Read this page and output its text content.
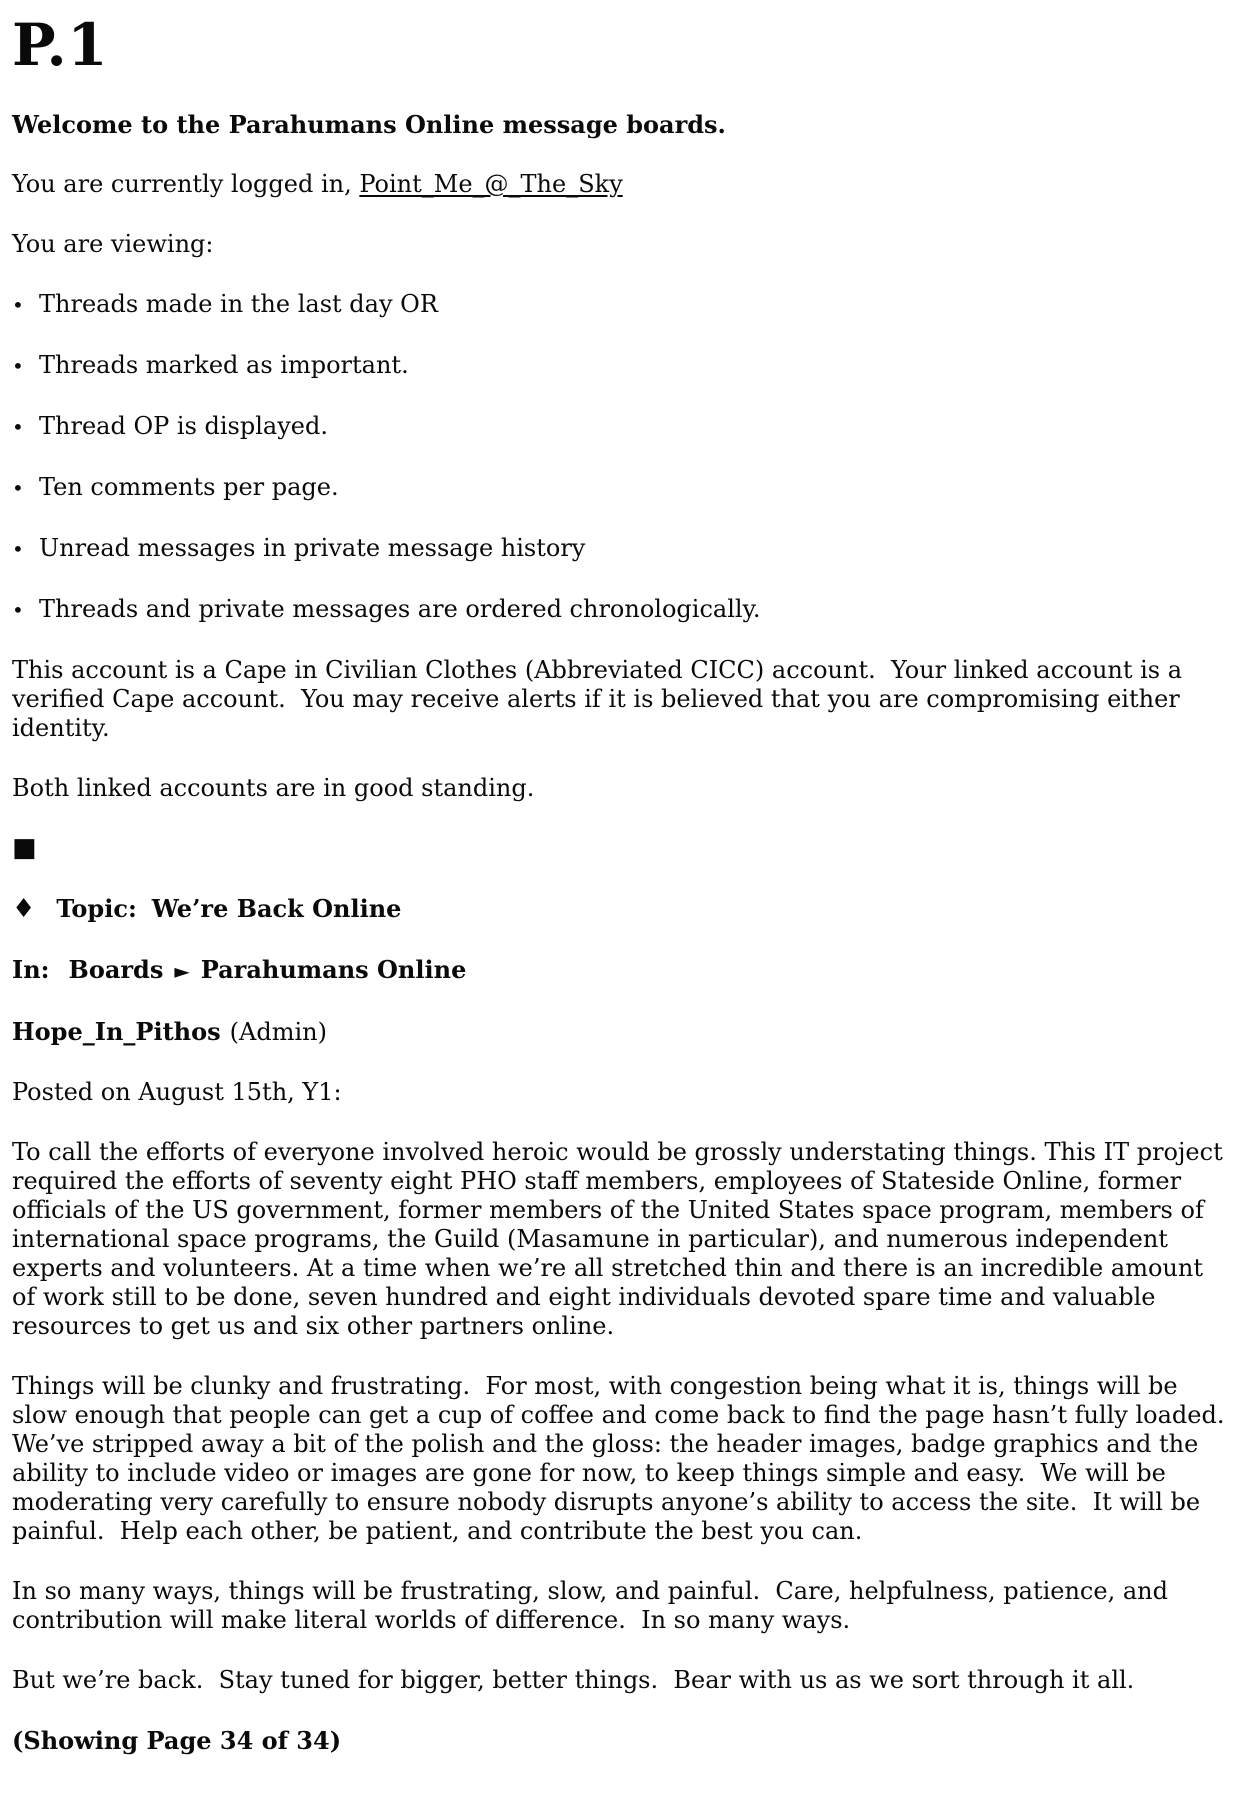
P.1

Welcome to the Parahumans Online message boards.

You are currently logged in, Point_Me_@_The_Sky

You are viewing:

• Threads made in the last day OR
• Threads marked as important.
• Thread OP is displayed.
• Ten comments per page.
• Unread messages in private message history
• Threads and private messages are ordered chronologically.

This account is a Cape in Civilian Clothes (Abbreviated CICC) account.  Your linked account is a verified Cape account.  You may receive alerts if it is believed that you are compromising either identity.

Both linked accounts are in good standing.

■

♦ Topic: We’re Back Online
In: Boards ► Parahumans Online

Hope_In_Pithos (Admin)

Posted on August 15th, Y1:

To call the efforts of everyone involved heroic would be grossly understating things. This IT project required the efforts of seventy eight PHO staff members, employees of Stateside Online, former officials of the US government, former members of the United States space program, members of international space programs, the Guild (Masamune in particular), and numerous independent experts and volunteers. At a time when we’re all stretched thin and there is an incredible amount of work still to be done, seven hundred and eight individuals devoted spare time and valuable resources to get us and six other partners online.

Things will be clunky and frustrating.  For most, with congestion being what it is, things will be slow enough that people can get a cup of coffee and come back to find the page hasn’t fully loaded.  We’ve stripped away a bit of the polish and the gloss: the header images, badge graphics and the ability to include video or images are gone for now, to keep things simple and easy.  We will be moderating very carefully to ensure nobody disrupts anyone’s ability to access the site.  It will be painful.  Help each other, be patient, and contribute the best you can.

In so many ways, things will be frustrating, slow, and painful.  Care, helpfulness, patience, and contribution will make literal worlds of difference.  In so many ways.

But we’re back.  Stay tuned for bigger, better things.  Bear with us as we sort through it all.

(Showing Page 34 of 34)
